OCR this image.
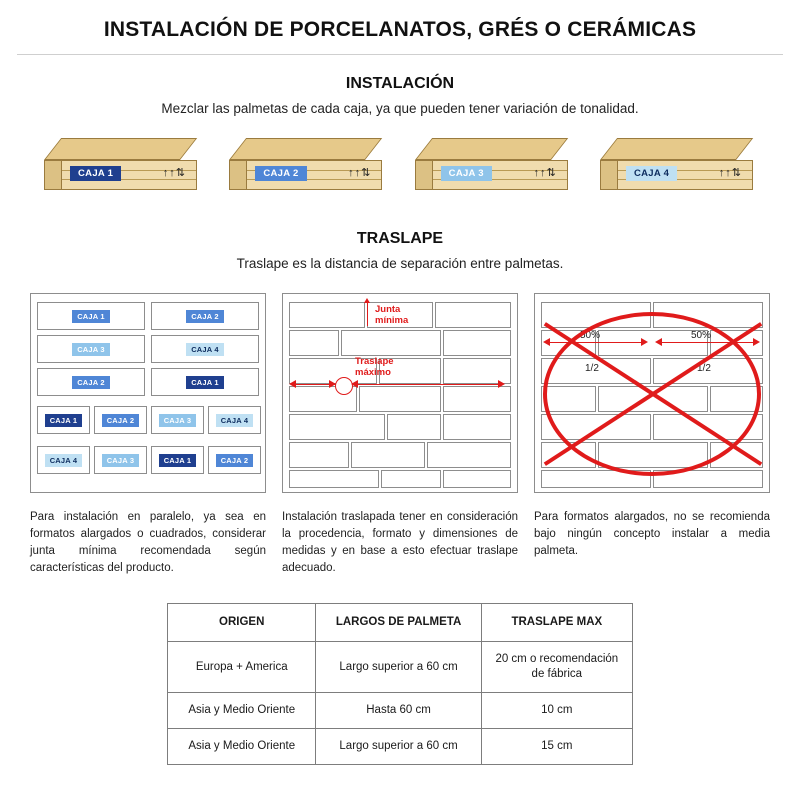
INSTALACIÓN DE PORCELANATOS, GRÉS O CERÁMICAS
INSTALACIÓN
Mezclar las palmetas de cada caja, ya que pueden tener variación de tonalidad.
CAJA 1	↑↑⇅	CAJA 2	↑↑⇅	CAJA 3	↑↑⇅	CAJA 4	↑↑⇅
TRASLAPE
Traslape es la distancia de separación entre palmetas.
CAJA 1	CAJA 2
CAJA 3	CAJA 4
CAJA 2	CAJA 1
CAJA 1	CAJA 2	CAJA 3	CAJA 4
CAJA 4	CAJA 3	CAJA 1	CAJA 2
Para instalación en paralelo, ya sea en formatos alargados o cuadrados, considerar junta mínima recomendada según características del producto.
Junta
mínima
Traslape
máximo
Instalación traslapada tener en consideración la procedencia, formato y dimensiones de medidas y en base a esto efectuar traslape adecuado.
50%	50%
1/2	1/2
Para formatos alargados, no se recomienda bajo ningún concepto instalar a media palmeta.
ORIGEN	LARGOS DE PALMETA	TRASLAPE MAX
Europa + America	Largo superior a 60 cm	20 cm o recomendación de fábrica
Asia y Medio Oriente	Hasta 60 cm	10 cm
Asia y Medio Oriente	Largo superior a 60 cm	15 cm
